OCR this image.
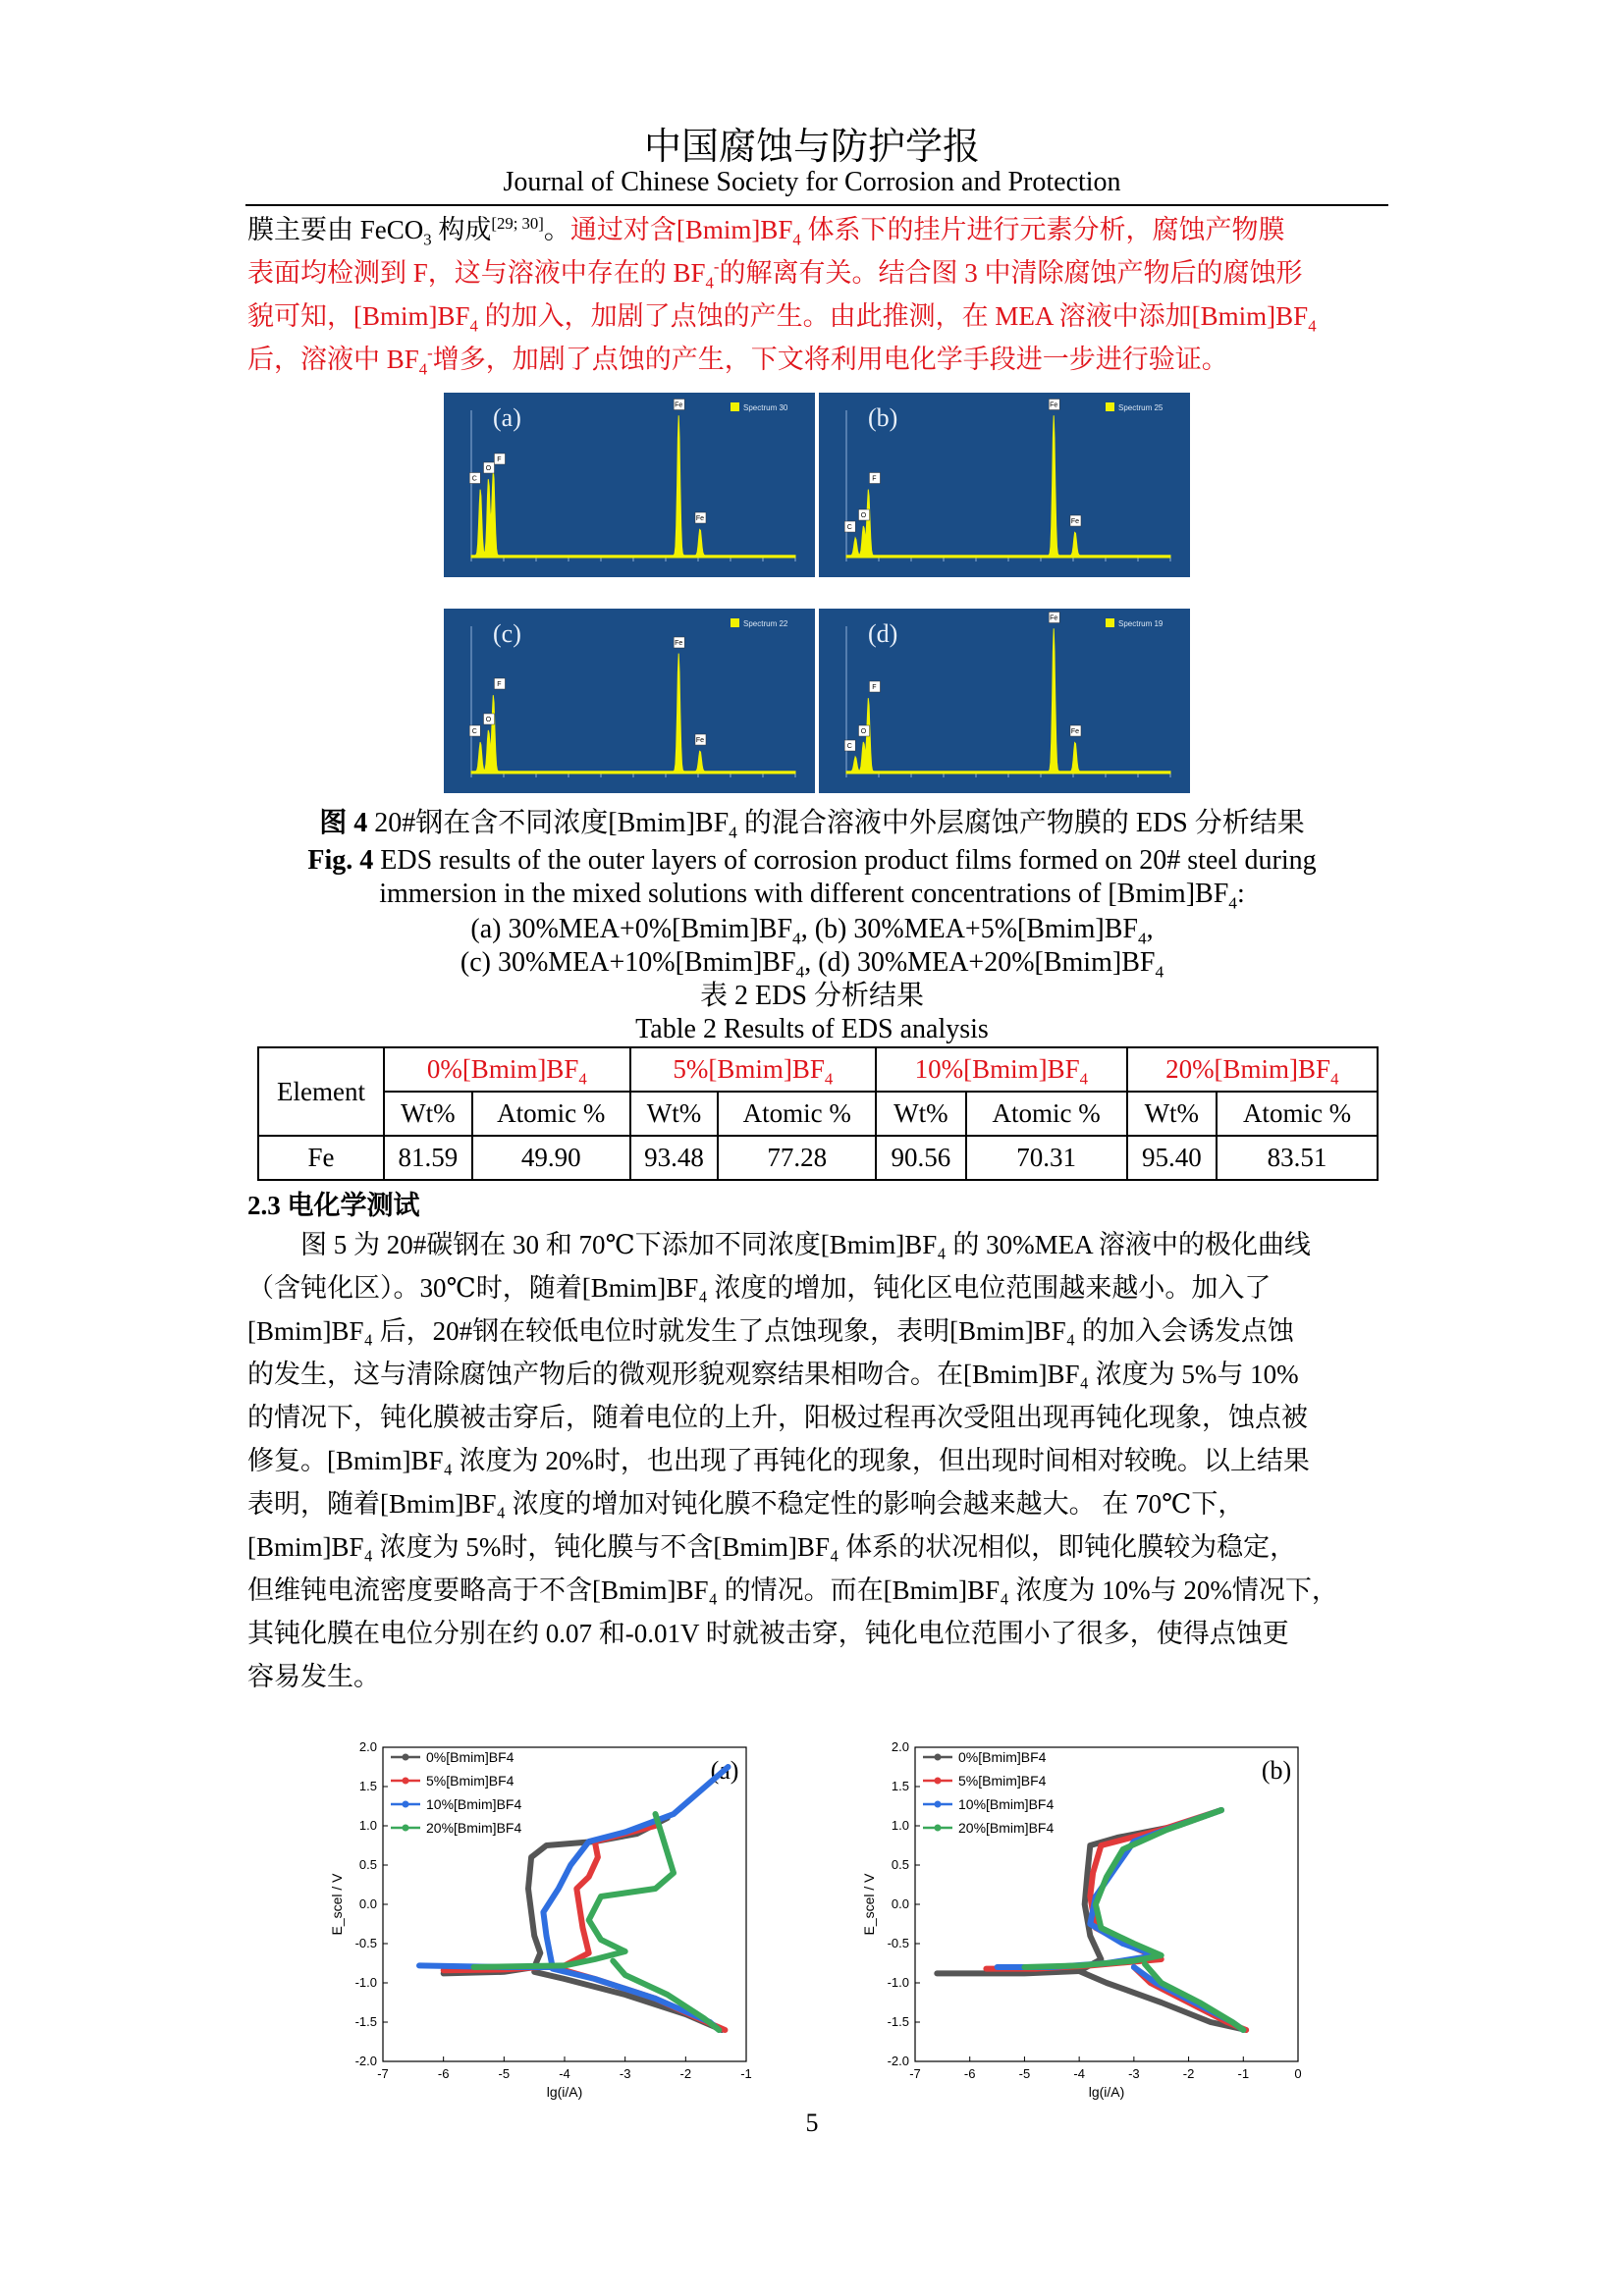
中国腐蚀与防护学报
Journal of Chinese Society for Corrosion and Protection
膜主要由 FeCO$_3$ 构成[29; 30]。通过对含$[Bmim]BF_4$ 体系下的挂片进行元素分析，腐蚀产物膜
表面均检测到 F，这与溶液中存在的 $BF_4^-$的解离有关。结合图 3 中清除腐蚀产物后的腐蚀形
貌可知，$[Bmim]BF_4$ 的加入，加剧了点蚀的产生。由此推测，在 MEA 溶液中添加$[Bmim]BF_4$
后，溶液中 $BF_4^-$增多，加剧了点蚀的产生，下文将利用电化学手段进一步进行验证。
C
O
F
Fe
Fe
Spectrum 30
(a)
C
O
F
Fe
Fe
Spectrum 25
(b)
C
O
F
Fe
Fe
Spectrum 22
(c)
C
O
F
Fe
Fe
Spectrum 19
(d)
图 4 20#钢在含不同浓度$[Bmim]BF_4$ 的混合溶液中外层腐蚀产物膜的 EDS 分析结果
Fig. 4 EDS results of the outer layers of corrosion product films formed on 20# steel during
immersion in the mixed solutions with different concentrations of $[Bmim]BF_4$:
(a) $30\%MEA+0\%[Bmim]BF_4$, (b) $30\%MEA+5\%[Bmim]BF_4$,
(c) $30\%MEA+10\%[Bmim]BF_4$, (d) $30\%MEA+20\%[Bmim]BF_4$
表 2 EDS 分析结果
Table 2 Results of EDS analysis
Element	$0\%[Bmim]BF_4$		$5\%[Bmim]BF_4$		$10\%[Bmim]BF_4$		$20\%[Bmim]BF_4$
	Wt%	Atomic %	Wt%	Atomic %	Wt%	Atomic %	Wt%	Atomic %
Fe	81.59	49.90	93.48	77.28	90.56	70.31	95.40	83.51
2.3 电化学测试
图 5 为 20#碳钢在 30 和 70℃下添加不同浓度[Bmim]BF₄ 的 30%MEA 溶液中的极化曲线
（含钝化区）。30℃时，随着[Bmim]BF₄ 浓度的增加，钝化区电位范围越来越小。加入了
[Bmim]BF₄ 后，20#钢在较低电位时就发生了点蚀现象，表明[Bmim]BF₄ 的加入会诱发点蚀
的发生，这与清除腐蚀产物后的微观形貌观察结果相吻合。在[Bmim]BF₄ 浓度为 5%与 10%
的情况下，钝化膜被击穿后，随着电位的上升，阳极过程再次受阻出现再钝化现象，蚀点被
修复。[Bmim]BF₄ 浓度为 20%时，也出现了再钝化的现象，但出现时间相对较晚。以上结果
表明，随着[Bmim]BF₄ 浓度的增加对钝化膜不稳定性的影响会越来越大。 在 70℃下，
[Bmim]BF₄ 浓度为 5%时，钝化膜与不含[Bmim]BF₄ 体系的状况相似，即钝化膜较为稳定，
但维钝电流密度要略高于不含[Bmim]BF₄ 的情况。而在[Bmim]BF₄ 浓度为 10%与 20%情况下，
其钝化膜在电位分别在约 0.07 和-0.01V 时就被击穿，钝化电位范围小了很多，使得点蚀更
容易发生。
-7	-6	-5	-4	-3	-2	-1
-2.0
-1.5
-1.0
-0.5
0.0
0.5
1.0
1.5
2.0
lg(i/A)
E_scel / V
(a)
0%[Bmim]BF4
5%[Bmim]BF4
10%[Bmim]BF4
20%[Bmim]BF4
-7	-6	-5	-4	-3	-2	-1	0
-2.0
-1.5
-1.0
-0.5
0.0
0.5
1.0
1.5
2.0
lg(i/A)
E_scel / V
(b)
0%[Bmim]BF4
5%[Bmim]BF4
10%[Bmim]BF4
20%[Bmim]BF4
5
